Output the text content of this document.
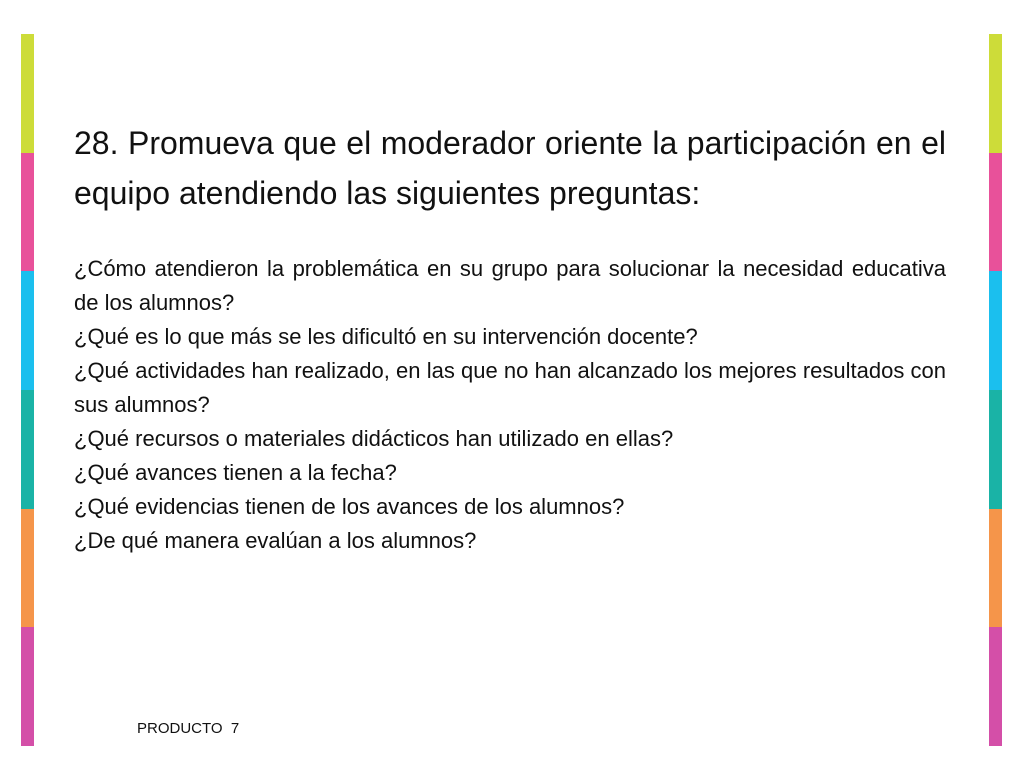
28. Promueva que el moderador oriente la participación en el equipo atendiendo las siguientes preguntas:

¿Cómo atendieron la problemática en su grupo para solucionar la necesidad educativa de los alumnos?

¿Qué es lo que más se les dificultó en su intervención docente?

¿Qué actividades han realizado, en las que no han alcanzado los mejores resultados con sus alumnos?

¿Qué recursos o materiales didácticos han utilizado en ellas?

¿Qué avances tienen a la fecha?

¿Qué evidencias tienen de los avances de los alumnos?

¿De qué manera evalúan a los alumnos?

PRODUCTO  7
